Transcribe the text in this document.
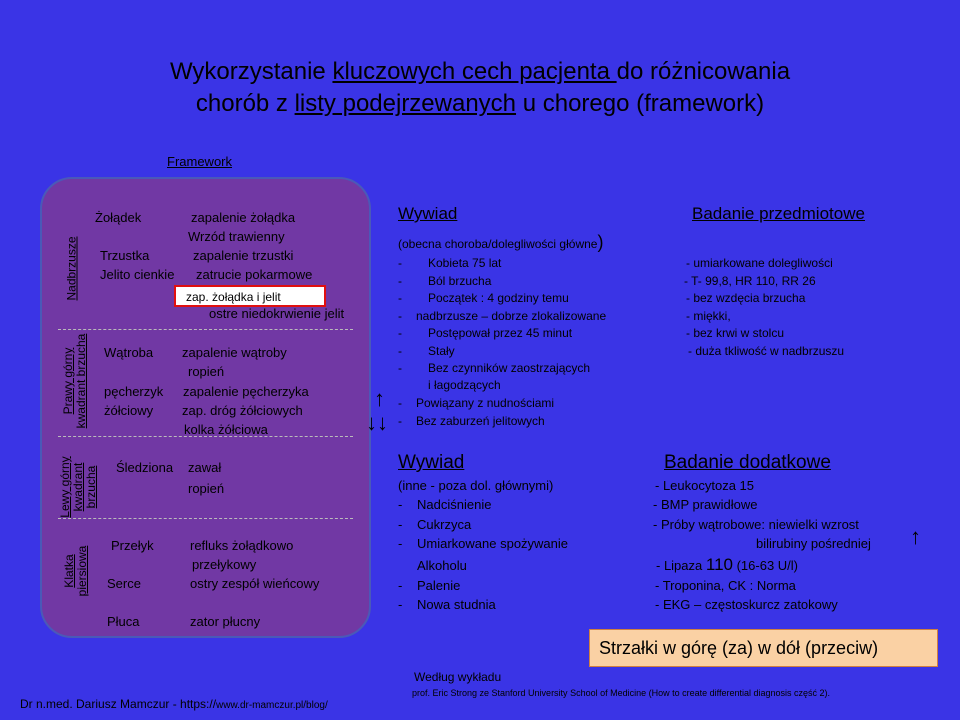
Wykorzystanie kluczowych cech pacjenta do różnicowania
chorób z listy podejrzewanych u chorego (framework)
Framework
Nadbrzusze
Prawy górny kwadrant brzucha
Lewy górny kwadrant brzucha
Klatka piersiowa
Żołądek	zapalenie żołądka
Wrzód trawienny
Trzustka	zapalenie trzustki
Jelito cienkie zatrucie pokarmowe
zap. żołądka i jelit
ostre niedokrwienie jelit
Wątroba zapalenie wątroby
ropień
pęcherzyk zapalenie pęcherzyka
żółciowy zap. dróg żółciowych
kolka żółciowa
Śledziona zawał
ropień
Przełyk	refluks żołądkowo
przełykowy
Serce	ostry zespół wieńcowy
Płuca	zator płucny
Wywiad
(obecna choroba/dolegliwości główne)
- Kobieta 75 lat
- Ból brzucha
- Początek : 4 godziny temu
- nadbrzusze – dobrze zlokalizowane
- Postępował przez 45 minut
- Stały
- Bez czynników zaostrzających
i łagodzących
- Powiązany z nudnościami
- Bez zaburzeń jelitowych
Badanie przedmiotowe
- umiarkowane dolegliwości
- T- 99,8, HR 110, RR 26
- bez wzdęcia brzucha
- miękki,
- bez krwi w stolcu
- duża tkliwość w nadbrzuszu
↑
↓↓
Wywiad
(inne - poza dol. głównymi)
- Nadciśnienie
- Cukrzyca
- Umiarkowane spożywanie
Alkoholu
- Palenie
- Nowa studnia
Badanie dodatkowe
- Leukocytoza 15
- BMP prawidłowe
- Próby wątrobowe: niewielki wzrost
bilirubiny pośredniej
- Lipaza 110 (16-63 U/l)
- Troponina, CK : Norma
- EKG – częstoskurcz zatokowy
↑
Strzałki w górę (za) w dół (przeciw)
Według wykładu
prof. Eric Strong ze Stanford University School of Medicine (How to create differential diagnosis część 2).
Dr n.med. Dariusz Mamczur - https://www.dr-mamczur.pl/blog/
